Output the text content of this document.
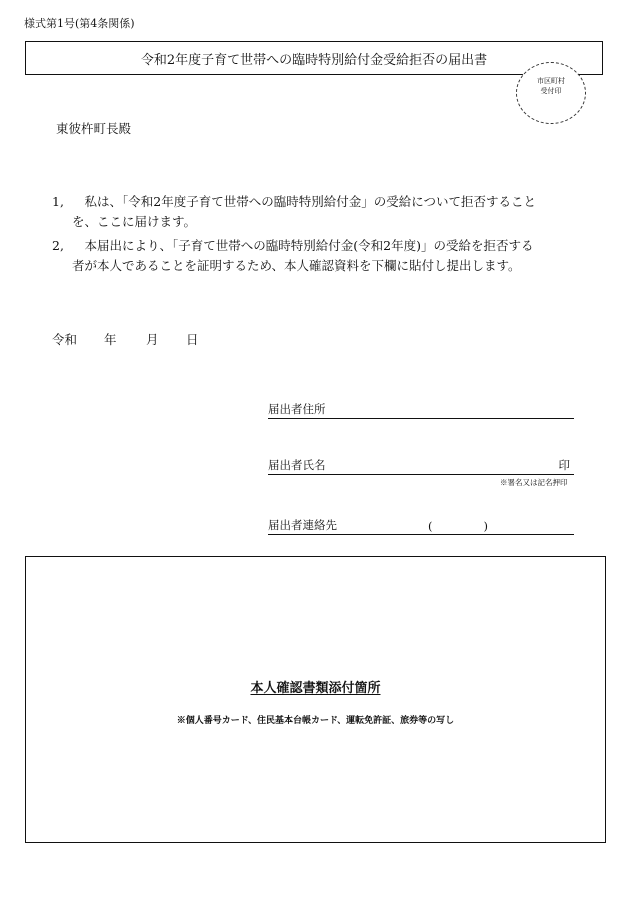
様式第1号(第4条関係)
令和2年度子育て世帯への臨時特別給付金受給拒否の届出書
市区町村
受付印
東彼杵町長殿
1, 　私は、「令和2年度子育て世帯への臨時特別給付金」の受給について拒否すること
を、ここに届けます。
2, 　本届出により、「子育て世帯への臨時特別給付金(令和2年度)」の受給を拒否する
者が本人であることを証明するため、本人確認資料を下欄に貼付し提出します。
令和 年 月 日
届出者住所
届出者氏名	印
※署名又は記名押印
届出者連絡先	(	)
本人確認書類添付箇所
※個人番号カード、住民基本台帳カード、運転免許証、旅券等の写し
